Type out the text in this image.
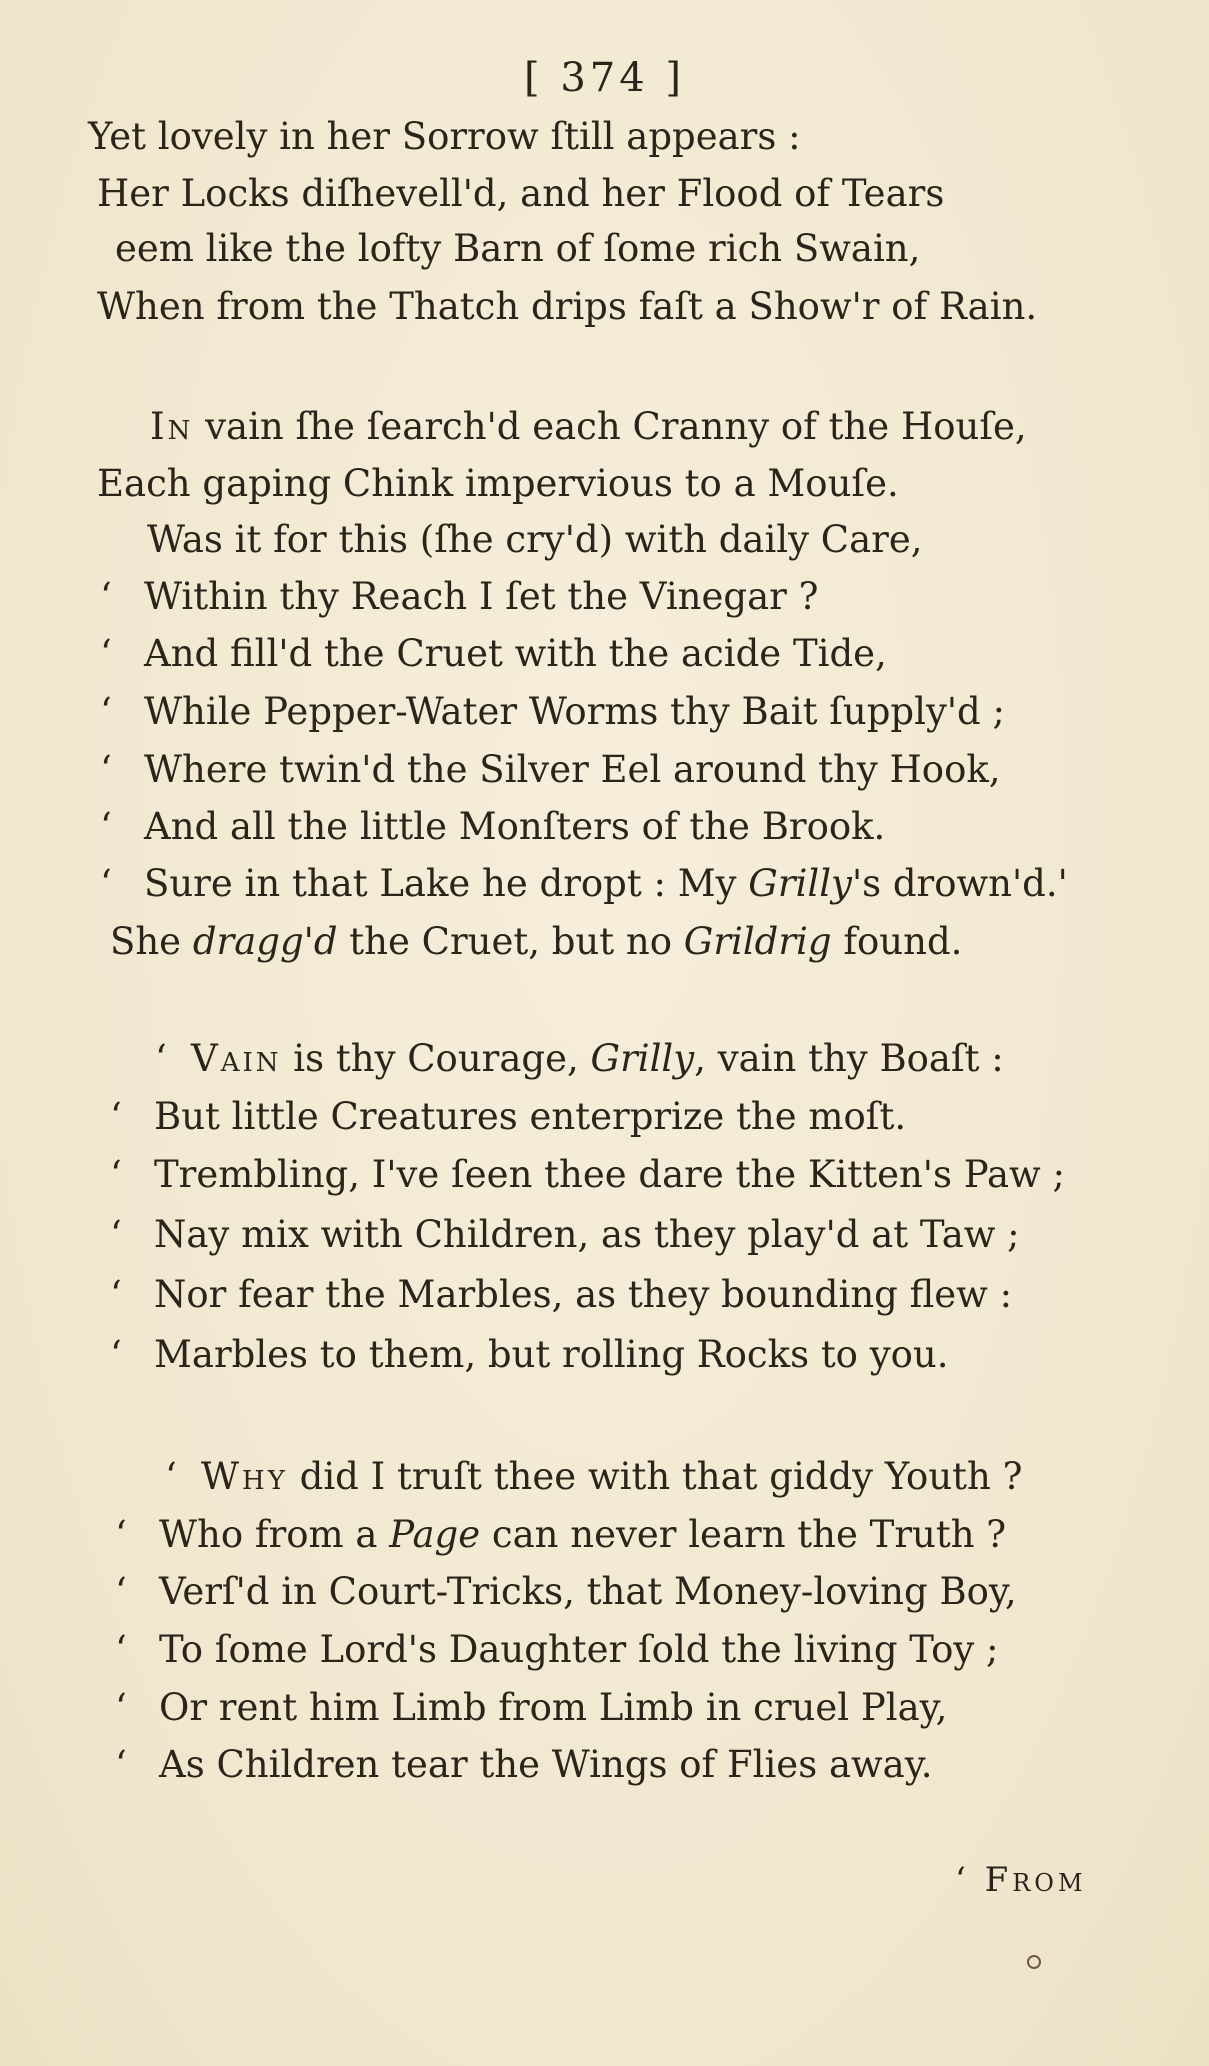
[ 374 ]
Yet lovely in her Sorrow ſtill appears :
Her Locks diſhevell'd, and her Flood of Tears
eem like the lofty Barn of ſome rich Swain,
When from the Thatch drips faſt a Show'r of Rain.
In vain ſhe ſearch'd each Cranny of the Houſe,
Each gaping Chink impervious to a Mouſe.
Was it for this (ſhe cry'd) with daily Care,
‘ Within thy Reach I ſet the Vinegar ?
‘ And fill'd the Cruet with the acide Tide,
‘ While Pepper-Water Worms thy Bait ſupply'd ;
‘ Where twin'd the Silver Eel around thy Hook,
‘ And all the little Monſters of the Brook.
‘ Sure in that Lake he dropt : My Grilly's drown'd.'
She dragg'd the Cruet, but no Grildrig found.
‘ Vain is thy Courage, Grilly, vain thy Boaſt :
‘ But little Creatures enterprize the moſt.
‘ Trembling, I've ſeen thee dare the Kitten's Paw ;
‘ Nay mix with Children, as they play'd at Taw ;
‘ Nor fear the Marbles, as they bounding flew :
‘ Marbles to them, but rolling Rocks to you.
‘ Why did I truſt thee with that giddy Youth ?
‘ Who from a Page can never learn the Truth ?
‘ Verſ'd in Court-Tricks, that Money-loving Boy,
‘ To ſome Lord's Daughter ſold the living Toy ;
‘ Or rent him Limb from Limb in cruel Play,
‘ As Children tear the Wings of Flies away.
‘ From
